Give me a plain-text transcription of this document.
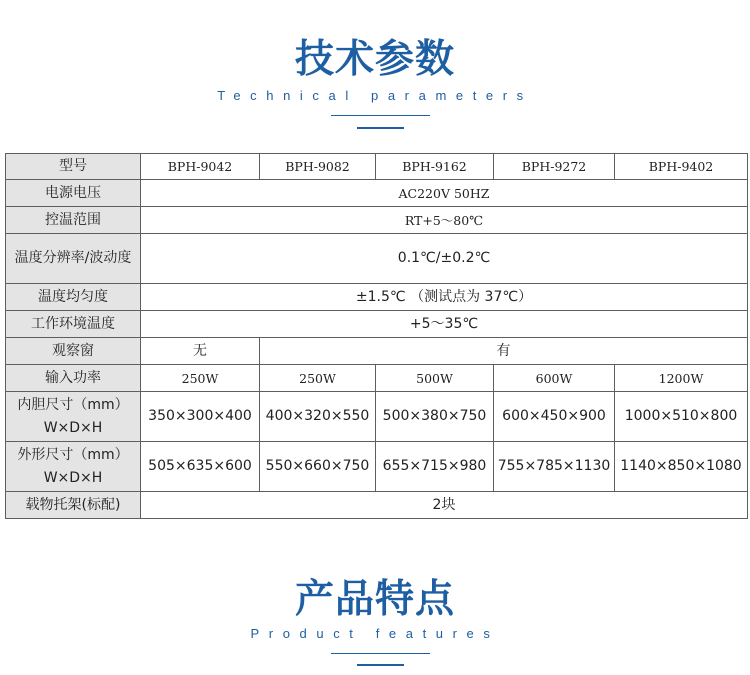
技术参数
Technical parameters
型号	BPH-9042	BPH-9082	BPH-9162	BPH-9272	BPH-9402
电源电压	AC220V 50HZ				
控温范围	RT+5～80℃				
温度分辨率/波动度	0.1℃/±0.2℃				
温度均匀度	±1.5℃ （测试点为 37℃）				
工作环境温度	+5～35℃				
观察窗	无	有			
输入功率	250W	250W	500W	600W	1200W
内胆尺寸（mm）W×D×H	350×300×400	400×320×550	500×380×750	600×450×900	1000×510×800
外形尺寸（mm）W×D×H	505×635×600	550×660×750	655×715×980	755×785×1130	1140×850×1080
载物托架(标配)	2块				
产品特点
Product features
